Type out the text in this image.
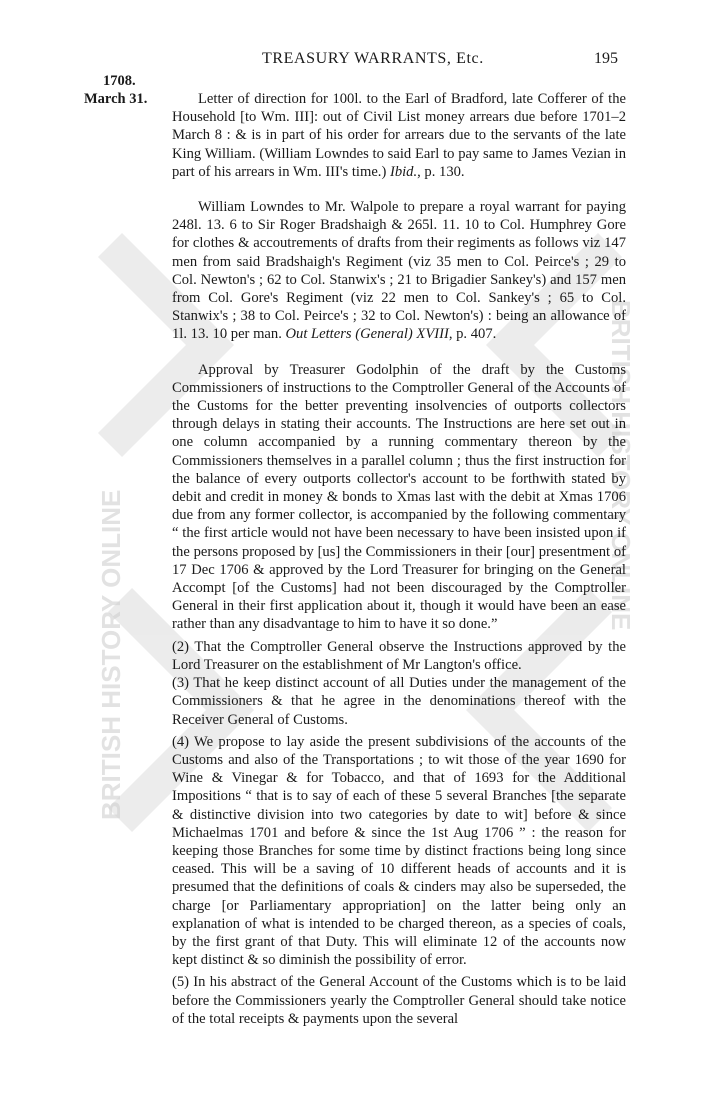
BRITISH HISTORY ONLINE
BRITISH HISTORY ONLINE
TREASURY WARRANTS, Etc.	195
1708.
March 31.	Letter of direction for 100l. to the Earl of Bradford, late Cofferer of the Household [to Wm. III]: out of Civil List money arrears due before 1701–2 March 8 : & is in part of his order for arrears due to the servants of the late King William. (William Lowndes to said Earl to pay same to James Vezian in part of his arrears in Wm. III's time.) Ibid., p. 130.

William Lowndes to Mr. Walpole to prepare a royal warrant for paying 248l. 13. 6 to Sir Roger Bradshaigh & 265l. 11. 10 to Col. Humphrey Gore for clothes & accoutrements of drafts from their regiments as follows viz 147 men from said Bradshaigh's Regiment (viz 35 men to Col. Peirce's ; 29 to Col. Newton's ; 62 to Col. Stanwix's ; 21 to Brigadier Sankey's) and 157 men from Col. Gore's Regiment (viz 22 men to Col. Sankey's ; 65 to Col. Stanwix's ; 38 to Col. Peirce's ; 32 to Col. Newton's) : being an allowance of 1l. 13. 10 per man. Out Letters (General) XVIII, p. 407.

Approval by Treasurer Godolphin of the draft by the Customs Commissioners of instructions to the Comptroller General of the Accounts of the Customs for the better preventing insolvencies of outports collectors through delays in stating their accounts. The Instructions are here set out in one column accompanied by a running commentary thereon by the Commissioners themselves in a parallel column ; thus the first instruction for the balance of every outports collector's account to be forthwith stated by debit and credit in money & bonds to Xmas last with the debit at Xmas 1706 due from any former collector, is accompanied by the following commentary “ the first article would not have been necessary to have been insisted upon if the persons proposed by [us] the Commissioners in their [our] presentment of 17 Dec 1706 & approved by the Lord Treasurer for bringing on the General Accompt [of the Customs] had not been discouraged by the Comptroller General in their first application about it, though it would have been an ease rather than any disadvantage to him to have it so done.”

(2) That the Comptroller General observe the Instructions approved by the Lord Treasurer on the establishment of Mr Langton's office.

(3) That he keep distinct account of all Duties under the management of the Commissioners & that he agree in the denominations thereof with the Receiver General of Customs.

(4) We propose to lay aside the present subdivisions of the accounts of the Customs and also of the Transportations ; to wit those of the year 1690 for Wine & Vinegar & for Tobacco, and that of 1693 for the Additional Impositions “ that is to say of each of these 5 several Branches [the separate & distinctive division into two categories by date to wit] before & since Michaelmas 1701 and before & since the 1st Aug 1706 ” : the reason for keeping those Branches for some time by distinct fractions being long since ceased. This will be a saving of 10 different heads of accounts and it is presumed that the definitions of coals & cinders may also be superseded, the charge [or Parliamentary appropriation] on the latter being only an explanation of what is intended to be charged thereon, as a species of coals, by the first grant of that Duty. This will eliminate 12 of the accounts now kept distinct & so diminish the possibility of error.

(5) In his abstract of the General Account of the Customs which is to be laid before the Commissioners yearly the Comptroller General should take notice of the total receipts & payments upon the several
